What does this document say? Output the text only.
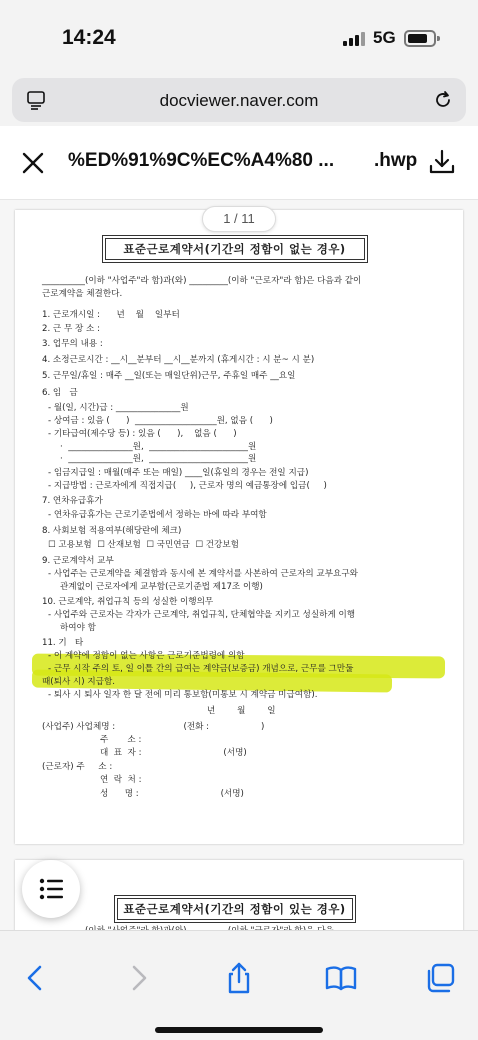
14:24	5G
docviewer.naver.com
%ED%91%9C%EC%A4%80 ... .hwp
1 / 11
표준근로계약서(기간의 정함이 없는 경우)
__________(이하 "사업주"라 함)과(와) _________(이하 "근로자"라 함)은 다음과 같이
근로계약을 체결한다.
1. 근로개시일 :      년    월    일부터
2. 근 무 장 소 :
3. 업무의 내용 :
4. 소정근로시간 : __시__분부터 __시__분까지 (휴게시간 : 시 분~ 시 분)
5. 근무일/휴일 : 매주 __일(또는 매일단위)근무, 주휴일 매주 __요일
6. 임   금
- 월(일, 시간)급 : _______________원
- 상여금 : 있음 (      )  ___________________원, 없음 (      )
- 기타급여(제수당 등) : 있음 (      ),    없음 (      )
·  _______________원,  _______________________원
·  _______________원,  _______________________원
- 임금지급일 : 매월(매주 또는 매일) ____일(휴일의 경우는 전일 지급)
- 지급방법 : 근로자에게 직접지급(     ), 근로자 명의 예금통장에 입금(     )
7. 연차유급휴가
- 연차유급휴가는 근로기준법에서 정하는 바에 따라 부여함
8. 사회보험 적용여부(해당란에 체크)
☐ 고용보험  ☐ 산재보험  ☐ 국민연금  ☐ 건강보험
9. 근로계약서 교부
- 사업주는 근로계약을 체결함과 동시에 본 계약서를 사본하여 근로자의 교부요구와
관계없이 근로자에게 교부함(근로기준법 제17조 이행)
10. 근로계약, 취업규칙 등의 성실한 이행의무
- 사업주와 근로자는 각자가 근로계약, 취업규칙, 단체협약을 지키고 성실하게 이행
하여야 함
11. 기   타
- 이 계약에 정함이 없는 사항은 근로기준법령에 의함
- 근무 시작 주의 토, 일 이틀 간의 급여는 계약금(보증금) 개념으로, 근무를 그만둘
때(퇴사 시) 지급함.
- 퇴사 시 퇴사 일자 한 달 전에 미리 통보함(미통보 시 계약금 미급여함).
년        월        일
(사업주) 사업체명 :                         (전화 :                   )
주       소 :
대  표  자 :                              (서명)
(근로자) 주     소 :
연  락  처 :
성      명 :                              (서명)
표준근로계약서(기간의 정함이 있는 경우)
